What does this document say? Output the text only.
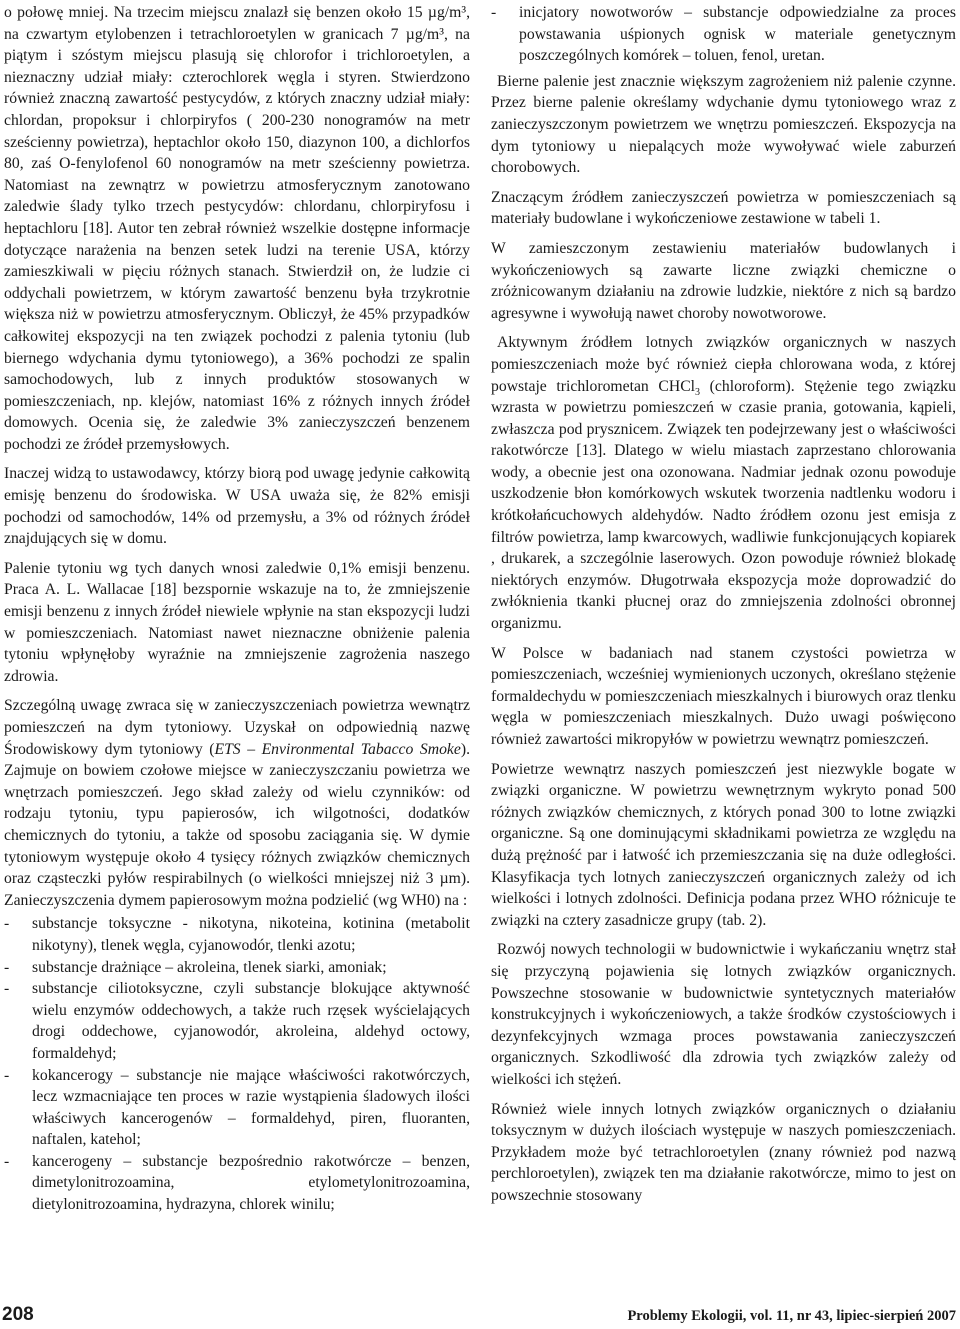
o połowę mniej. Na trzecim miejscu znalazł się benzen około 15 µg/m³, na czwartym etylobenzen i tetrachloroetylen w granicach 7 µg/m³, na piątym i szóstym miejscu plasują się chlorofor i trichloroetylen, a nieznaczny udział miały: czterochlorek węgla i styren. Stwierdzono również znaczną zawartość pestycydów, z których znaczny udział miały: chlordan, propoksur i chlorpiryfos ( 200-230 nonogramów na metr sześcienny powietrza), heptachlor około 150, diazynon 100, a dichlorfos 80, zaś O-fenylofenol 60 nonogramów na metr sześcienny powietrza. Natomiast na zewnątrz w powietrzu atmosferycznym zanotowano zaledwie ślady tylko trzech pestycydów: chlordanu, chlorpiryfosu i heptachloru [18]. Autor ten zebrał również wszelkie dostępne informacje dotyczące narażenia na benzen setek ludzi na terenie USA, którzy zamieszkiwali w pięciu różnych stanach. Stwierdził on, że ludzie ci oddychali powietrzem, w którym zawartość benzenu była trzykrotnie większa niż w powietrzu atmosferycznym. Obliczył, że 45% przypadków całkowitej ekspozycji na ten związek pochodzi z palenia tytoniu (lub biernego wdychania dymu tytoniowego), a 36% pochodzi ze spalin samochodowych, lub z innych produktów stosowanych w pomieszczeniach, np. klejów, natomiast 16% z różnych innych źródeł domowych. Ocenia się, że zaledwie 3% zanieczyszczeń benzenem pochodzi ze źródeł przemysłowych.

Inaczej widzą to ustawodawcy, którzy biorą pod uwagę jedynie całkowitą emisję benzenu do środowiska. W USA uważa się, że 82% emisji pochodzi od samochodów, 14% od przemysłu, a 3% od różnych źródeł znajdujących się w domu.

Palenie tytoniu wg tych danych wnosi zaledwie 0,1% emisji benzenu. Praca A. L. Wallacae [18] bezspornie wskazuje na to, że zmniejszenie emisji benzenu z innych źródeł niewiele wpłynie na stan ekspozycji ludzi w pomieszczeniach. Natomiast nawet nieznaczne obniżenie palenia tytoniu wpłynęłoby wyraźnie na zmniejszenie zagrożenia naszego zdrowia.

Szczególną uwagę zwraca się w zanieczyszczeniach powietrza wewnątrz pomieszczeń na dym tytoniowy. Uzyskał on odpowiednią nazwę Środowiskowy dym tytoniowy (ETS – Environmental Tabacco Smoke). Zajmuje on bowiem czołowe miejsce w zanieczyszczaniu powietrza we wnętrzach pomieszczeń. Jego skład zależy od wielu czynników: od rodzaju tytoniu, typu papierosów, ich wilgotności, dodatków chemicznych do tytoniu, a także od sposobu zaciągania się. W dymie tytoniowym występuje około 4 tysięcy różnych związków chemicznych oraz cząsteczki pyłów respirabilnych (o wielkości mniejszej niż 3 µm). Zanieczyszczenia dymem papierosowym można podzielić (wg WH0) na :

- substancje toksyczne - nikotyna, nikoteina, kotinina (metabolit nikotyny), tlenek węgla, cyjanowodór, tlenki azotu;
- substancje drażniące – akroleina, tlenek siarki, amoniak;
- substancje ciliotoksyczne, czyli substancje blokujące aktywność wielu enzymów oddechowych, a także ruch rzęsek wyścielających drogi oddechowe, cyjanowodór, akroleina, aldehyd octowy, formaldehyd;
- kokancerogy – substancje nie mające właściwości rakotwórczych, lecz wzmacniające ten proces w razie wystąpienia śladowych ilości właściwych kancerogenów – formaldehyd, piren, fluoranten, naftalen, katehol;
- kancerogeny – substancje bezpośrednio rakotwórcze – benzen, dimetylonitrozoamina, etylometylonitrozoamina, dietylonitrozoamina, hydrazyna, chlorek winilu;
- inicjatory nowotworów – substancje odpowiedzialne za proces powstawania uśpionych ognisk w materiale genetycznym poszczególnych komórek – toluen, fenol, uretan.

Bierne palenie jest znacznie większym zagrożeniem niż palenie czynne. Przez bierne palenie określamy wdychanie dymu tytoniowego wraz z zanieczyszczonym powietrzem we wnętrzu pomieszczeń. Ekspozycja na dym tytoniowy u niepalących może wywoływać wiele zaburzeń chorobowych.

Znaczącym źródłem zanieczyszczeń powietrza w pomieszczeniach są materiały budowlane i wykończeniowe zestawione w tabeli 1.

W zamieszczonym zestawieniu materiałów budowlanych i wykończeniowych są zawarte liczne związki chemiczne o zróżnicowanym działaniu na zdrowie ludzkie, niektóre z nich są bardzo agresywne i wywołują nawet choroby nowotworowe.

Aktywnym źródłem lotnych związków organicznych w naszych pomieszczeniach może być również ciepła chlorowana woda, z której powstaje trichlorometan CHCl$_3$ (chloroform). Stężenie tego związku wzrasta w powietrzu pomieszczeń w czasie prania, gotowania, kąpieli, zwłaszcza pod prysznicem. Związek ten podejrzewany jest o właściwości rakotwórcze [13]. Dlatego w wielu miastach zaprzestano chlorowania wody, a obecnie jest ona ozonowana. Nadmiar jednak ozonu powoduje uszkodzenie błon komórkowych wskutek tworzenia nadtlenku wodoru i krótkołańcuchowych aldehydów. Nadto źródłem ozonu jest emisja z filtrów powietrza, lamp kwarcowych, wadliwie funkcjonujących kopiarek , drukarek, a szczególnie laserowych. Ozon powoduje również blokadę niektórych enzymów. Długotrwała ekspozycja może doprowadzić do zwłóknienia tkanki płucnej oraz do zmniejszenia zdolności obronnej organizmu.

W Polsce w badaniach nad stanem czystości powietrza w pomieszczeniach, wcześniej wymienionych uczonych, określano stężenie formaldechydu w pomieszczeniach mieszkalnych i biurowych oraz tlenku węgla w pomieszczeniach mieszkalnych. Dużo uwagi poświęcono również zawartości mikropyłów w powietrzu wewnątrz pomieszczeń.

Powietrze wewnątrz naszych pomieszczeń jest niezwykle bogate w związki organiczne. W powietrzu wewnętrznym wykryto ponad 500 różnych związków chemicznych, z których ponad 300 to lotne związki organiczne. Są one dominującymi składnikami powietrza ze względu na dużą prężność par i łatwość ich przemieszczania się na duże odległości. Klasyfikacja tych lotnych zanieczyszczeń organicznych zależy od ich wielkości i lotnych zdolności. Definicja podana przez WHO różnicuje te związki na cztery zasadnicze grupy (tab. 2).

Rozwój nowych technologii w budownictwie i wykańczaniu wnętrz stał się przyczyną pojawienia się lotnych związków organicznych. Powszechne stosowanie w budownictwie syntetycznych materiałów konstrukcyjnych i wykończeniowych, a także środków czystościowych i dezynfekcyjnych wzmaga proces powstawania zanieczyszczeń organicznych. Szkodliwość dla zdrowia tych związków zależy od wielkości ich stężeń.

Również wiele innych lotnych związków organicznych o działaniu toksycznym w dużych ilościach występuje w naszych pomieszczeniach. Przykładem może być tetrachloroetylen (znany również pod nazwą perchloroetylen), związek ten ma działanie rakotwórcze, mimo to jest on powszechnie stosowany

208	Problemy Ekologii, vol. 11, nr 43, lipiec-sierpień 2007
